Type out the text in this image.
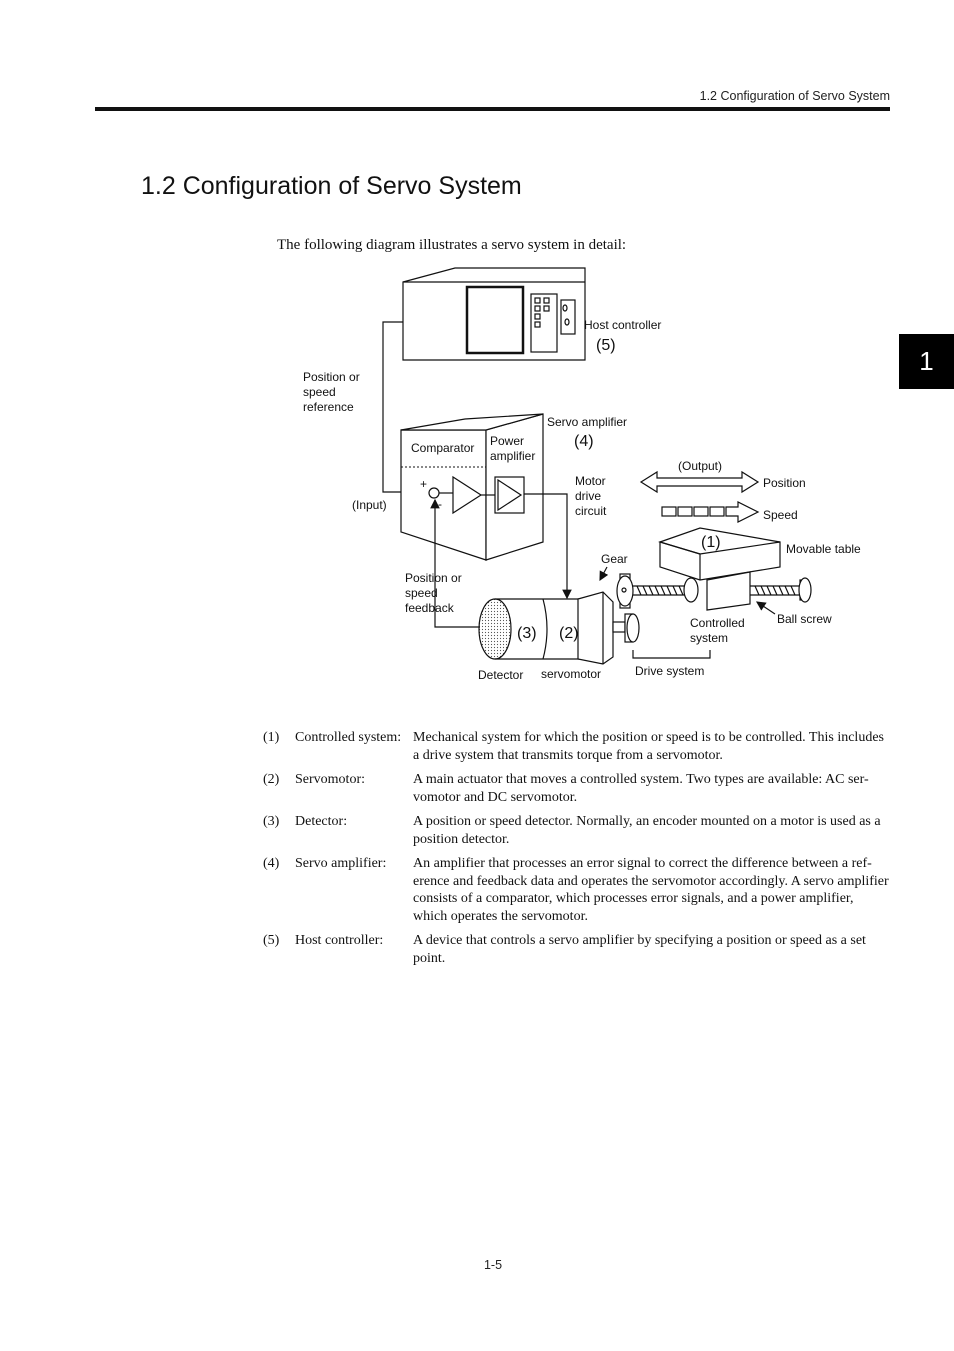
1.2 Configuration of Servo System
1
1.2 Configuration of Servo System
The following diagram illustrates a servo system in detail:
Host controller
(5)
Position or
speed
reference
(Input)
Comparator Power
amplifier
+
-
Motor
drive
circuit
Servo amplifier
(4)
Position or
speed
feedback
(3) (2)
Detector servomotor
Gear
(1)	Movable table
Controlled
system
Ball screw
Drive system
(Output)
Position
Speed
(1)	Controlled system: Mechanical system for which the position or speed is to be controlled. This includes a drive system that transmits torque from a servomotor.
(2)	Servomotor:	A main actuator that moves a controlled system. Two types are available: AC ser-vomotor and DC servomotor.
(3)	Detector:	A position or speed detector. Normally, an encoder mounted on a motor is used as a position detector.
(4)	Servo amplifier:	An amplifier that processes an error signal to correct the difference between a ref-erence and feedback data and operates the servomotor accordingly. A servo amplifier consists of a comparator, which processes error signals, and a power amplifier, which operates the servomotor.
(5)	Host controller:	A device that controls a servo amplifier by specifying a position or speed as a set point.
1-5
